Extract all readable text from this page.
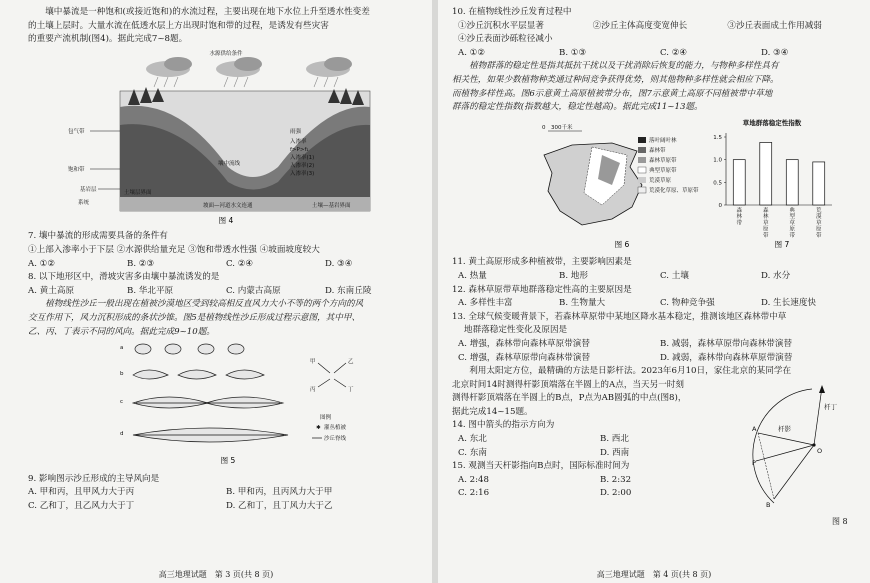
壤中暴流是一种饱和(或接近饱和)的水流过程，主要出现在地下水位上升至透水性变差

的土壤上层时。大量水流在低透水层上方出现时饱和带的过程，是诱发有些灾害

的重要产流机制(图4)。据此完成7~8题。

水源供给条件
包气带
饱和带
基岩层
系统
壤中流线
土壤层界面
坡面—河道水文连通	土壤—基岩界面
雨强
入渗率
f>P>f₁
入渗率(1)
入渗率(2)
入渗率(3)
图 4

7. 壤中暴流的形成需要具备的条件有

①上部入渗率小于下层 ②水源供给量充足 ③饱和带透水性强 ④坡面坡度较大

A. ①②	B. ②③	C. ②④	D. ③④

8. 以下地形区中，滑坡灾害多由壤中暴流诱发的是

A. 黄土高原	B. 华北平原	C. 内蒙古高原	D. 东南丘陵

植物线性沙丘一般出现在植被沙漠地区受到较高相反直风力大小不等的两个方向的风

交互作用下，风力沉积形成的条状沙锥。图5是植物线性沙丘形成过程示意图，其中甲、

乙、丙、丁表示不同的风向。据此完成9~10题。

a
b
c
d
甲	乙
丙	丁
图例
✱ 灌丛植被
沙丘脊线
图 5

9. 影响图示沙丘形成的主导风向是

A. 甲和丙，且甲风力大于丙	B. 甲和丙，且丙风力大于甲
C. 乙和丁，且乙风力大于丁	D. 乙和丁，且丁风力大于乙
高三地理试题　第 3 页(共 8 页)

10. 在植物线性沙丘发育过程中

①沙丘沉积水平层显著	②沙丘主体高度变宽伸长	③沙丘表面成土作用减弱

④沙丘表面沙砾粒径减小

A. ①②	B. ①③	C. ②④	D. ③④

植物群落的稳定性是指其抵抗干扰以及干扰消除后恢复的能力，与物种多样性具有

相关性，如果少数植物种类通过种间竞争获得优势，则其他物种多样性就会相应下降。

而植物多样性高。图6示意黄土高原植被带分布，图7示意黄土高原不同植被带中草地

群落的稳定性指数(指数越大，稳定性越高)。据此完成11~13题。

0　300千米
落叶阔叶林
森林带
森林草原带
典型草原带
荒漠草原
荒漠化草原、草原带
图 6
草地群落稳定性指数
0
0.5
1.0
1.5
森林带
森林草原带
典型草原带
荒漠草原带
图 7

11. 黄土高原形成多种植被带，主要影响因素是

A. 热量	B. 地形	C. 土壤	D. 水分

12. 森林草原带草地群落稳定性高的主要原因是

A. 多样性丰富	B. 生物量大	C. 物种竞争强	D. 生长速度快

13. 全球气候变暖背景下，若森林草原带中某地区降水基本稳定，推测该地区森林带中草

地群落稳定性变化及原因是

A. 增强，森林带向森林草原带演替	B. 减弱，森林草原带向森林带演替
C. 增强，森林草原带向森林带演替	D. 减弱，森林带向森林草原带演替

利用太阳定方位，最精确的方法是日影杆法。2023年6月10日，家住北京的某同学在

北京时间14时测得杆影顶端落在半圆上的A点，当天另一时刻

测得杆影顶端落在半圆上的B点，P点为AB圆弧的中点(图8)，

据此完成14~15题。

14. 图中箭头的指示方向为

A. 东北	B. 西北
C. 东南	D. 西南

15. 观测当天杆影指向B点时，国际标准时间为

A. 2:48	B. 2:32
C. 2:16	D. 2:00
杆丁
杆影
A
P
B
O
图 8
高三地理试题　第 4 页(共 8 页)
